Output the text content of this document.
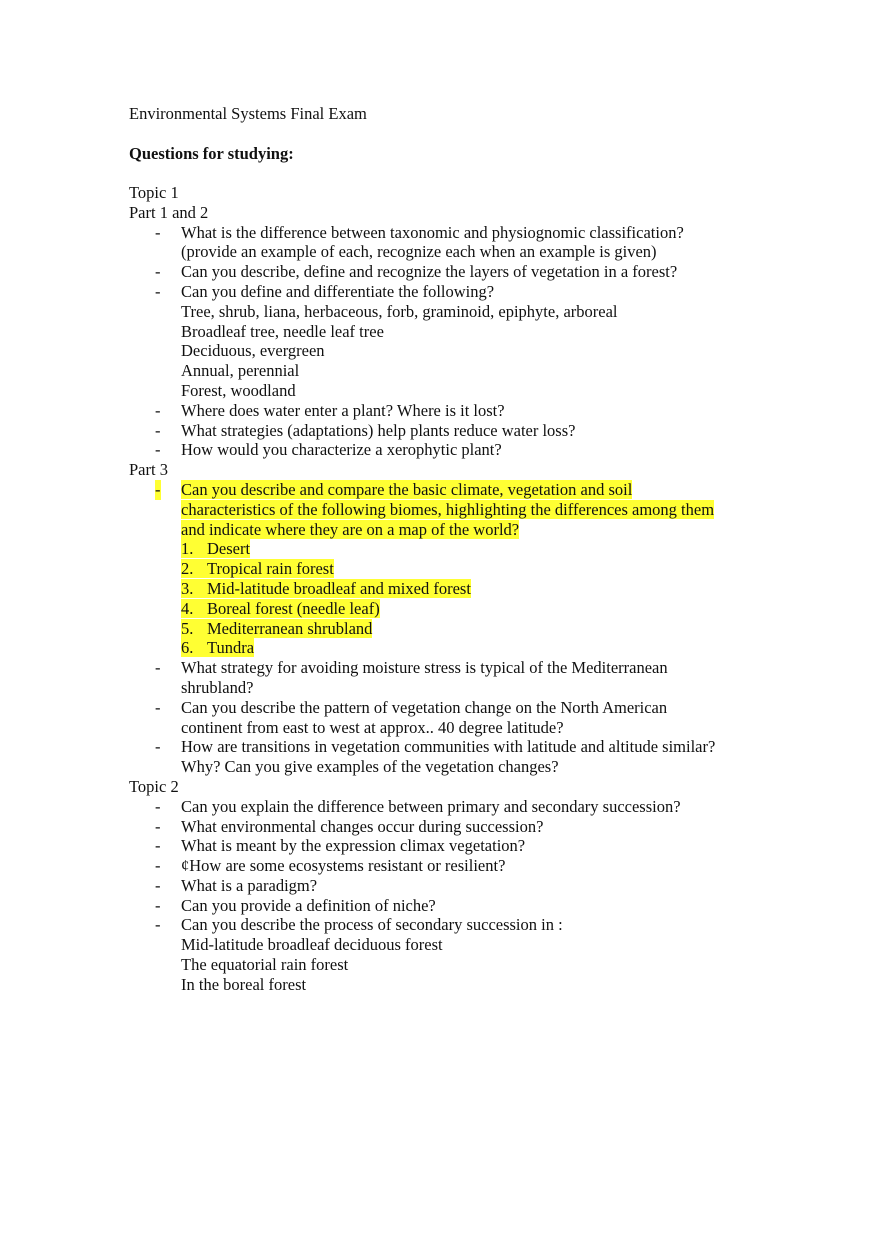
Environmental Systems Final Exam
Questions for studying:
Topic 1
Part 1 and 2
- What is the difference between taxonomic and physiognomic classification?
(provide an example of each, recognize each when an example is given)
- Can you describe, define and recognize the layers of vegetation in a forest?
- Can you define and differentiate the following?
Tree, shrub, liana, herbaceous, forb, graminoid, epiphyte, arboreal
Broadleaf tree, needle leaf tree
Deciduous, evergreen
Annual, perennial
Forest, woodland
- Where does water enter a plant? Where is it lost?
- What strategies (adaptations) help plants reduce water loss?
- How would you characterize a xerophytic plant?
Part 3
- Can you describe and compare the basic climate, vegetation and soil
characteristics of the following biomes, highlighting the differences among them
and indicate where they are on a map of the world?
1. Desert
2. Tropical rain forest
3. Mid-latitude broadleaf and mixed forest
4. Boreal forest (needle leaf)
5. Mediterranean shrubland
6. Tundra
- What strategy for avoiding moisture stress is typical of the Mediterranean
shrubland?
- Can you describe the pattern of vegetation change on the North American
continent from east to west at approx.. 40 degree latitude?
- How are transitions in vegetation communities with latitude and altitude similar?
Why? Can you give examples of the vegetation changes?
Topic 2
- Can you explain the difference between primary and secondary succession?
- What environmental changes occur during succession?
- What is meant by the expression climax vegetation?
- ¢How are some ecosystems resistant or resilient?
- What is a paradigm?
- Can you provide a definition of niche?
- Can you describe the process of secondary succession in :
Mid-latitude broadleaf deciduous forest
The equatorial rain forest
In the boreal forest
